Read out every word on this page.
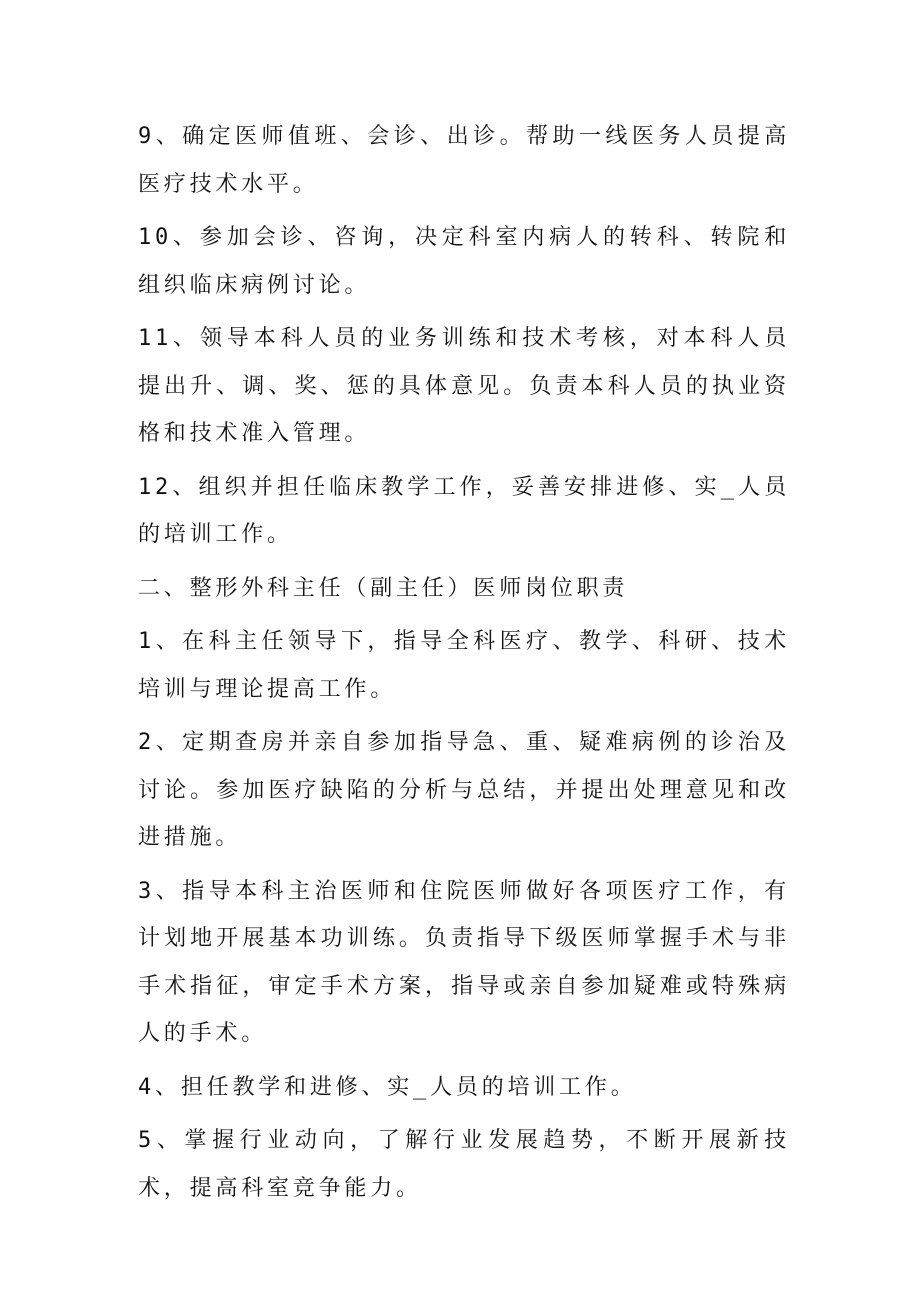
9、确定医师值班、会诊、出诊。帮助一线医务人员提高医疗技术水平。

10、参加会诊、咨询，决定科室内病人的转科、转院和组织临床病例讨论。

11、领导本科人员的业务训练和技术考核，对本科人员提出升、调、奖、惩的具体意见。负责本科人员的执业资格和技术准入管理。

12、组织并担任临床教学工作，妥善安排进修、实_人员的培训工作。

二、整形外科主任（副主任）医师岗位职责

1、在科主任领导下，指导全科医疗、教学、科研、技术培训与理论提高工作。

2、定期查房并亲自参加指导急、重、疑难病例的诊治及讨论。参加医疗缺陷的分析与总结，并提出处理意见和改进措施。

3、指导本科主治医师和住院医师做好各项医疗工作，有计划地开展基本功训练。负责指导下级医师掌握手术与非手术指征，审定手术方案，指导或亲自参加疑难或特殊病人的手术。

4、担任教学和进修、实_人员的培训工作。

5、掌握行业动向，了解行业发展趋势，不断开展新技术，提高科室竞争能力。
